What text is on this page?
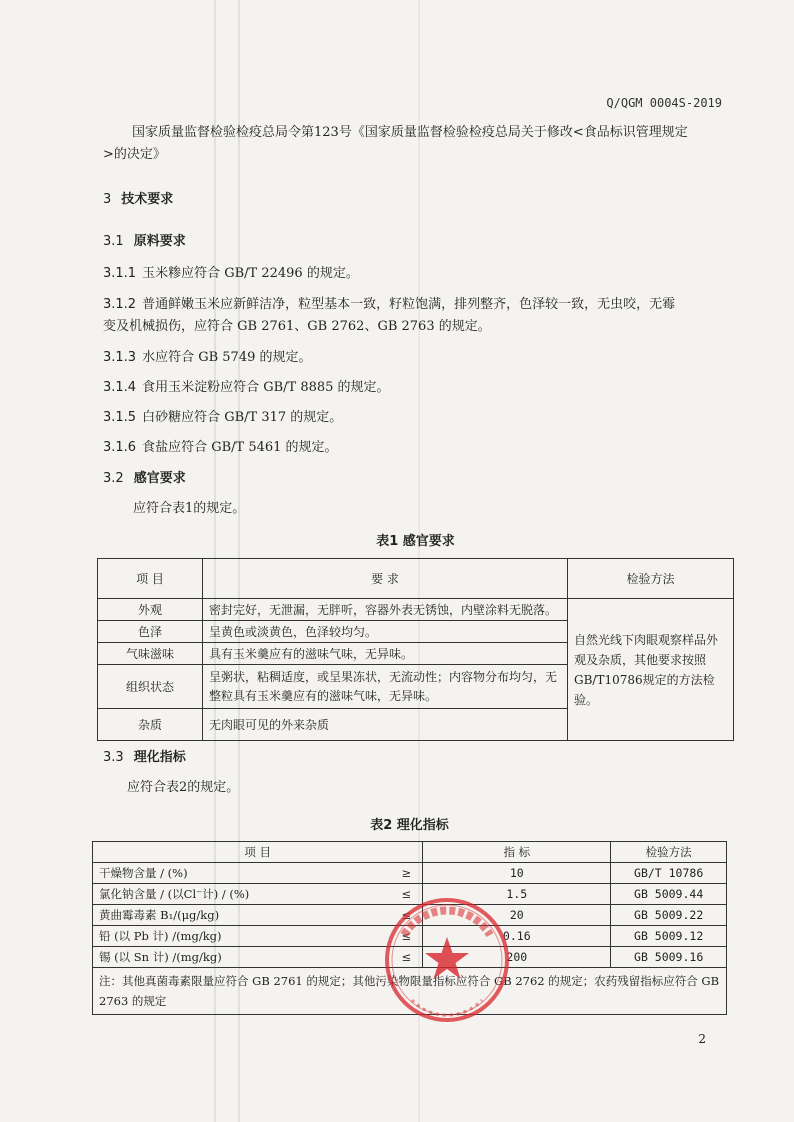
Q/QGM 0004S-2019
国家质量监督检验检疫总局令第123号《国家质量监督检验检疫总局关于修改<食品标识管理规定
>的决定》
3 技术要求
3.1 原料要求
3.1.1 玉米糁应符合 GB/T 22496 的规定。
3.1.2 普通鲜嫩玉米应新鲜洁净，粒型基本一致，籽粒饱满，排列整齐，色泽较一致，无虫咬，无霉
变及机械损伤，应符合 GB 2761、GB 2762、GB 2763 的规定。
3.1.3 水应符合 GB 5749 的规定。
3.1.4 食用玉米淀粉应符合 GB/T 8885 的规定。
3.1.5 白砂糖应符合 GB/T 317 的规定。
3.1.6 食盐应符合 GB/T 5461 的规定。
3.2 感官要求
应符合表1的规定。
表1 感官要求
项 目	要 求	检验方法
外观	密封完好，无泄漏，无胖听，容器外表无锈蚀，内壁涂料无脱落。	自然光线下肉眼观察样品外观及杂质，其他要求按照GB/T10786规定的方法检验。
色泽	呈黄色或淡黄色，色泽较均匀。	
气味滋味	具有玉米羹应有的滋味气味，无异味。	
组织状态	呈粥状，粘稠适度，或呈果冻状，无流动性；内容物分布均匀，无整粒具有玉米羹应有的滋味气味，无异味。	
杂质	无肉眼可见的外来杂质	
3.3 理化指标
应符合表2的规定。
表2 理化指标
项 目		指 标	检验方法
干燥物含量 / (%)	≥	10	GB/T 10786
氯化钠含量 / (以Cl⁻计) / (%)	≤	1.5	GB 5009.44
黄曲霉毒素 B₁/(μg/kg)	≤	20	GB 5009.22
铅 (以 Pb 计) /(mg/kg)	≤	0.16	GB 5009.12
锡 (以 Sn 计) /(mg/kg)	≤	200	GB 5009.16
注：其他真菌毒素限量应符合 GB 2761 的规定；其他污染物限量指标应符合 GB 2762 的规定；农药残留指标应符合 GB 2763 的规定			
2
